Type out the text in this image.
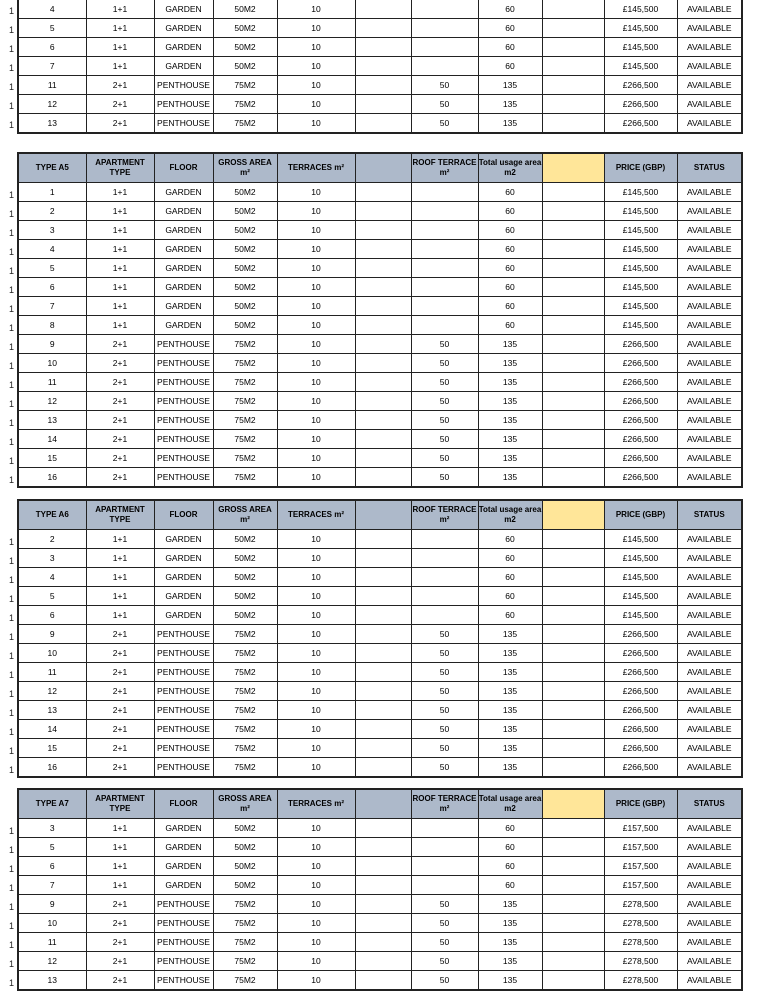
4	1+1	GARDEN	50M2	10			60		£145,500	AVAILABLE
5	1+1	GARDEN	50M2	10			60		£145,500	AVAILABLE
6	1+1	GARDEN	50M2	10			60		£145,500	AVAILABLE
7	1+1	GARDEN	50M2	10			60		£145,500	AVAILABLE
11	2+1	PENTHOUSE	75M2	10		50	135		£266,500	AVAILABLE
12	2+1	PENTHOUSE	75M2	10		50	135		£266,500	AVAILABLE
13	2+1	PENTHOUSE	75M2	10		50	135		£266,500	AVAILABLE
1
1
1
1
1
1
1
TYPE A5	APARTMENT TYPE	FLOOR	GROSS AREA m²	TERRACES m²		ROOF TERRACE m²	Total usage area m2		PRICE (GBP)	STATUS
1	1+1	GARDEN	50M2	10			60		£145,500	AVAILABLE
2	1+1	GARDEN	50M2	10			60		£145,500	AVAILABLE
3	1+1	GARDEN	50M2	10			60		£145,500	AVAILABLE
4	1+1	GARDEN	50M2	10			60		£145,500	AVAILABLE
5	1+1	GARDEN	50M2	10			60		£145,500	AVAILABLE
6	1+1	GARDEN	50M2	10			60		£145,500	AVAILABLE
7	1+1	GARDEN	50M2	10			60		£145,500	AVAILABLE
8	1+1	GARDEN	50M2	10			60		£145,500	AVAILABLE
9	2+1	PENTHOUSE	75M2	10		50	135		£266,500	AVAILABLE
10	2+1	PENTHOUSE	75M2	10		50	135		£266,500	AVAILABLE
11	2+1	PENTHOUSE	75M2	10		50	135		£266,500	AVAILABLE
12	2+1	PENTHOUSE	75M2	10		50	135		£266,500	AVAILABLE
13	2+1	PENTHOUSE	75M2	10		50	135		£266,500	AVAILABLE
14	2+1	PENTHOUSE	75M2	10		50	135		£266,500	AVAILABLE
15	2+1	PENTHOUSE	75M2	10		50	135		£266,500	AVAILABLE
16	2+1	PENTHOUSE	75M2	10		50	135		£266,500	AVAILABLE
1
1
1
1
1
1
1
1
1
1
1
1
1
1
1
1
TYPE A6	APARTMENT TYPE	FLOOR	GROSS AREA m²	TERRACES m²		ROOF TERRACE m²	Total usage area m2		PRICE (GBP)	STATUS
2	1+1	GARDEN	50M2	10			60		£145,500	AVAILABLE
3	1+1	GARDEN	50M2	10			60		£145,500	AVAILABLE
4	1+1	GARDEN	50M2	10			60		£145,500	AVAILABLE
5	1+1	GARDEN	50M2	10			60		£145,500	AVAILABLE
6	1+1	GARDEN	50M2	10			60		£145,500	AVAILABLE
9	2+1	PENTHOUSE	75M2	10		50	135		£266,500	AVAILABLE
10	2+1	PENTHOUSE	75M2	10		50	135		£266,500	AVAILABLE
11	2+1	PENTHOUSE	75M2	10		50	135		£266,500	AVAILABLE
12	2+1	PENTHOUSE	75M2	10		50	135		£266,500	AVAILABLE
13	2+1	PENTHOUSE	75M2	10		50	135		£266,500	AVAILABLE
14	2+1	PENTHOUSE	75M2	10		50	135		£266,500	AVAILABLE
15	2+1	PENTHOUSE	75M2	10		50	135		£266,500	AVAILABLE
16	2+1	PENTHOUSE	75M2	10		50	135		£266,500	AVAILABLE
1
1
1
1
1
1
1
1
1
1
1
1
1
TYPE A7	APARTMENT TYPE	FLOOR	GROSS AREA m²	TERRACES m²		ROOF TERRACE m²	Total usage area m2		PRICE (GBP)	STATUS
3	1+1	GARDEN	50M2	10			60		£157,500	AVAILABLE
5	1+1	GARDEN	50M2	10			60		£157,500	AVAILABLE
6	1+1	GARDEN	50M2	10			60		£157,500	AVAILABLE
7	1+1	GARDEN	50M2	10			60		£157,500	AVAILABLE
9	2+1	PENTHOUSE	75M2	10		50	135		£278,500	AVAILABLE
10	2+1	PENTHOUSE	75M2	10		50	135		£278,500	AVAILABLE
11	2+1	PENTHOUSE	75M2	10		50	135		£278,500	AVAILABLE
12	2+1	PENTHOUSE	75M2	10		50	135		£278,500	AVAILABLE
13	2+1	PENTHOUSE	75M2	10		50	135		£278,500	AVAILABLE
1
1
1
1
1
1
1
1
1
